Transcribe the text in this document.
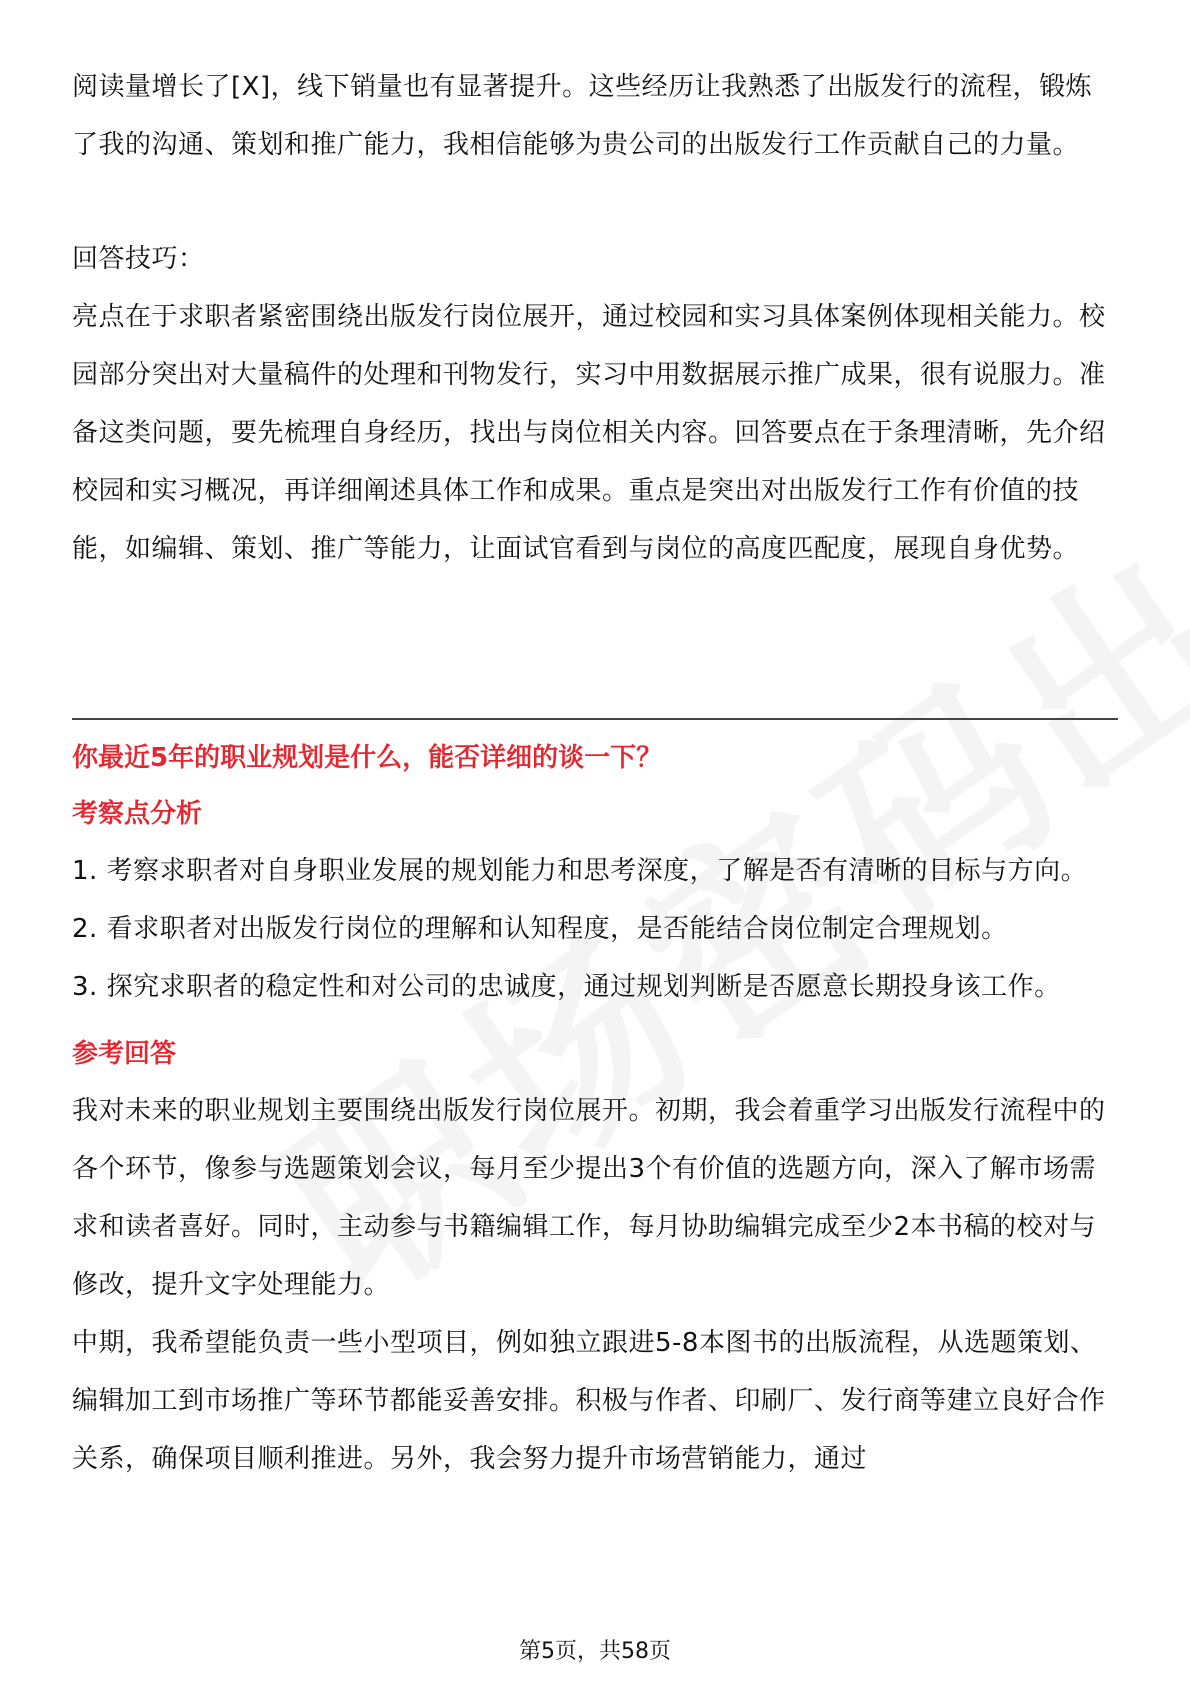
阅读量增长了[X]，线下销量也有显著提升。这些经历让我熟悉了出版发行的流程，锻炼了我的沟通、策划和推广能力，我相信能够为贵公司的出版发行工作贡献自己的力量。

回答技巧：

亮点在于求职者紧密围绕出版发行岗位展开，通过校园和实习具体案例体现相关能力。校园部分突出对大量稿件的处理和刊物发行，实习中用数据展示推广成果，很有说服力。准备这类问题，要先梳理自身经历，找出与岗位相关内容。回答要点在于条理清晰，先介绍校园和实习概况，再详细阐述具体工作和成果。重点是突出对出版发行工作有价值的技能，如编辑、策划、推广等能力，让面试官看到与岗位的高度匹配度，展现自身优势。

你最近5年的职业规划是什么，能否详细的谈一下？

考察点分析

1. 考察求职者对自身职业发展的规划能力和思考深度，了解是否有清晰的目标与方向。

2. 看求职者对出版发行岗位的理解和认知程度，是否能结合岗位制定合理规划。

3. 探究求职者的稳定性和对公司的忠诚度，通过规划判断是否愿意长期投身该工作。

参考回答

我对未来的职业规划主要围绕出版发行岗位展开。初期，我会着重学习出版发行流程中的各个环节，像参与选题策划会议，每月至少提出3个有价值的选题方向，深入了解市场需求和读者喜好。同时，主动参与书籍编辑工作，每月协助编辑完成至少2本书稿的校对与修改，提升文字处理能力。

中期，我希望能负责一些小型项目，例如独立跟进5-8本图书的出版流程，从选题策划、编辑加工到市场推广等环节都能妥善安排。积极与作者、印刷厂、发行商等建立良好合作关系，确保项目顺利推进。另外，我会努力提升市场营销能力，通过

第5页，共58页
